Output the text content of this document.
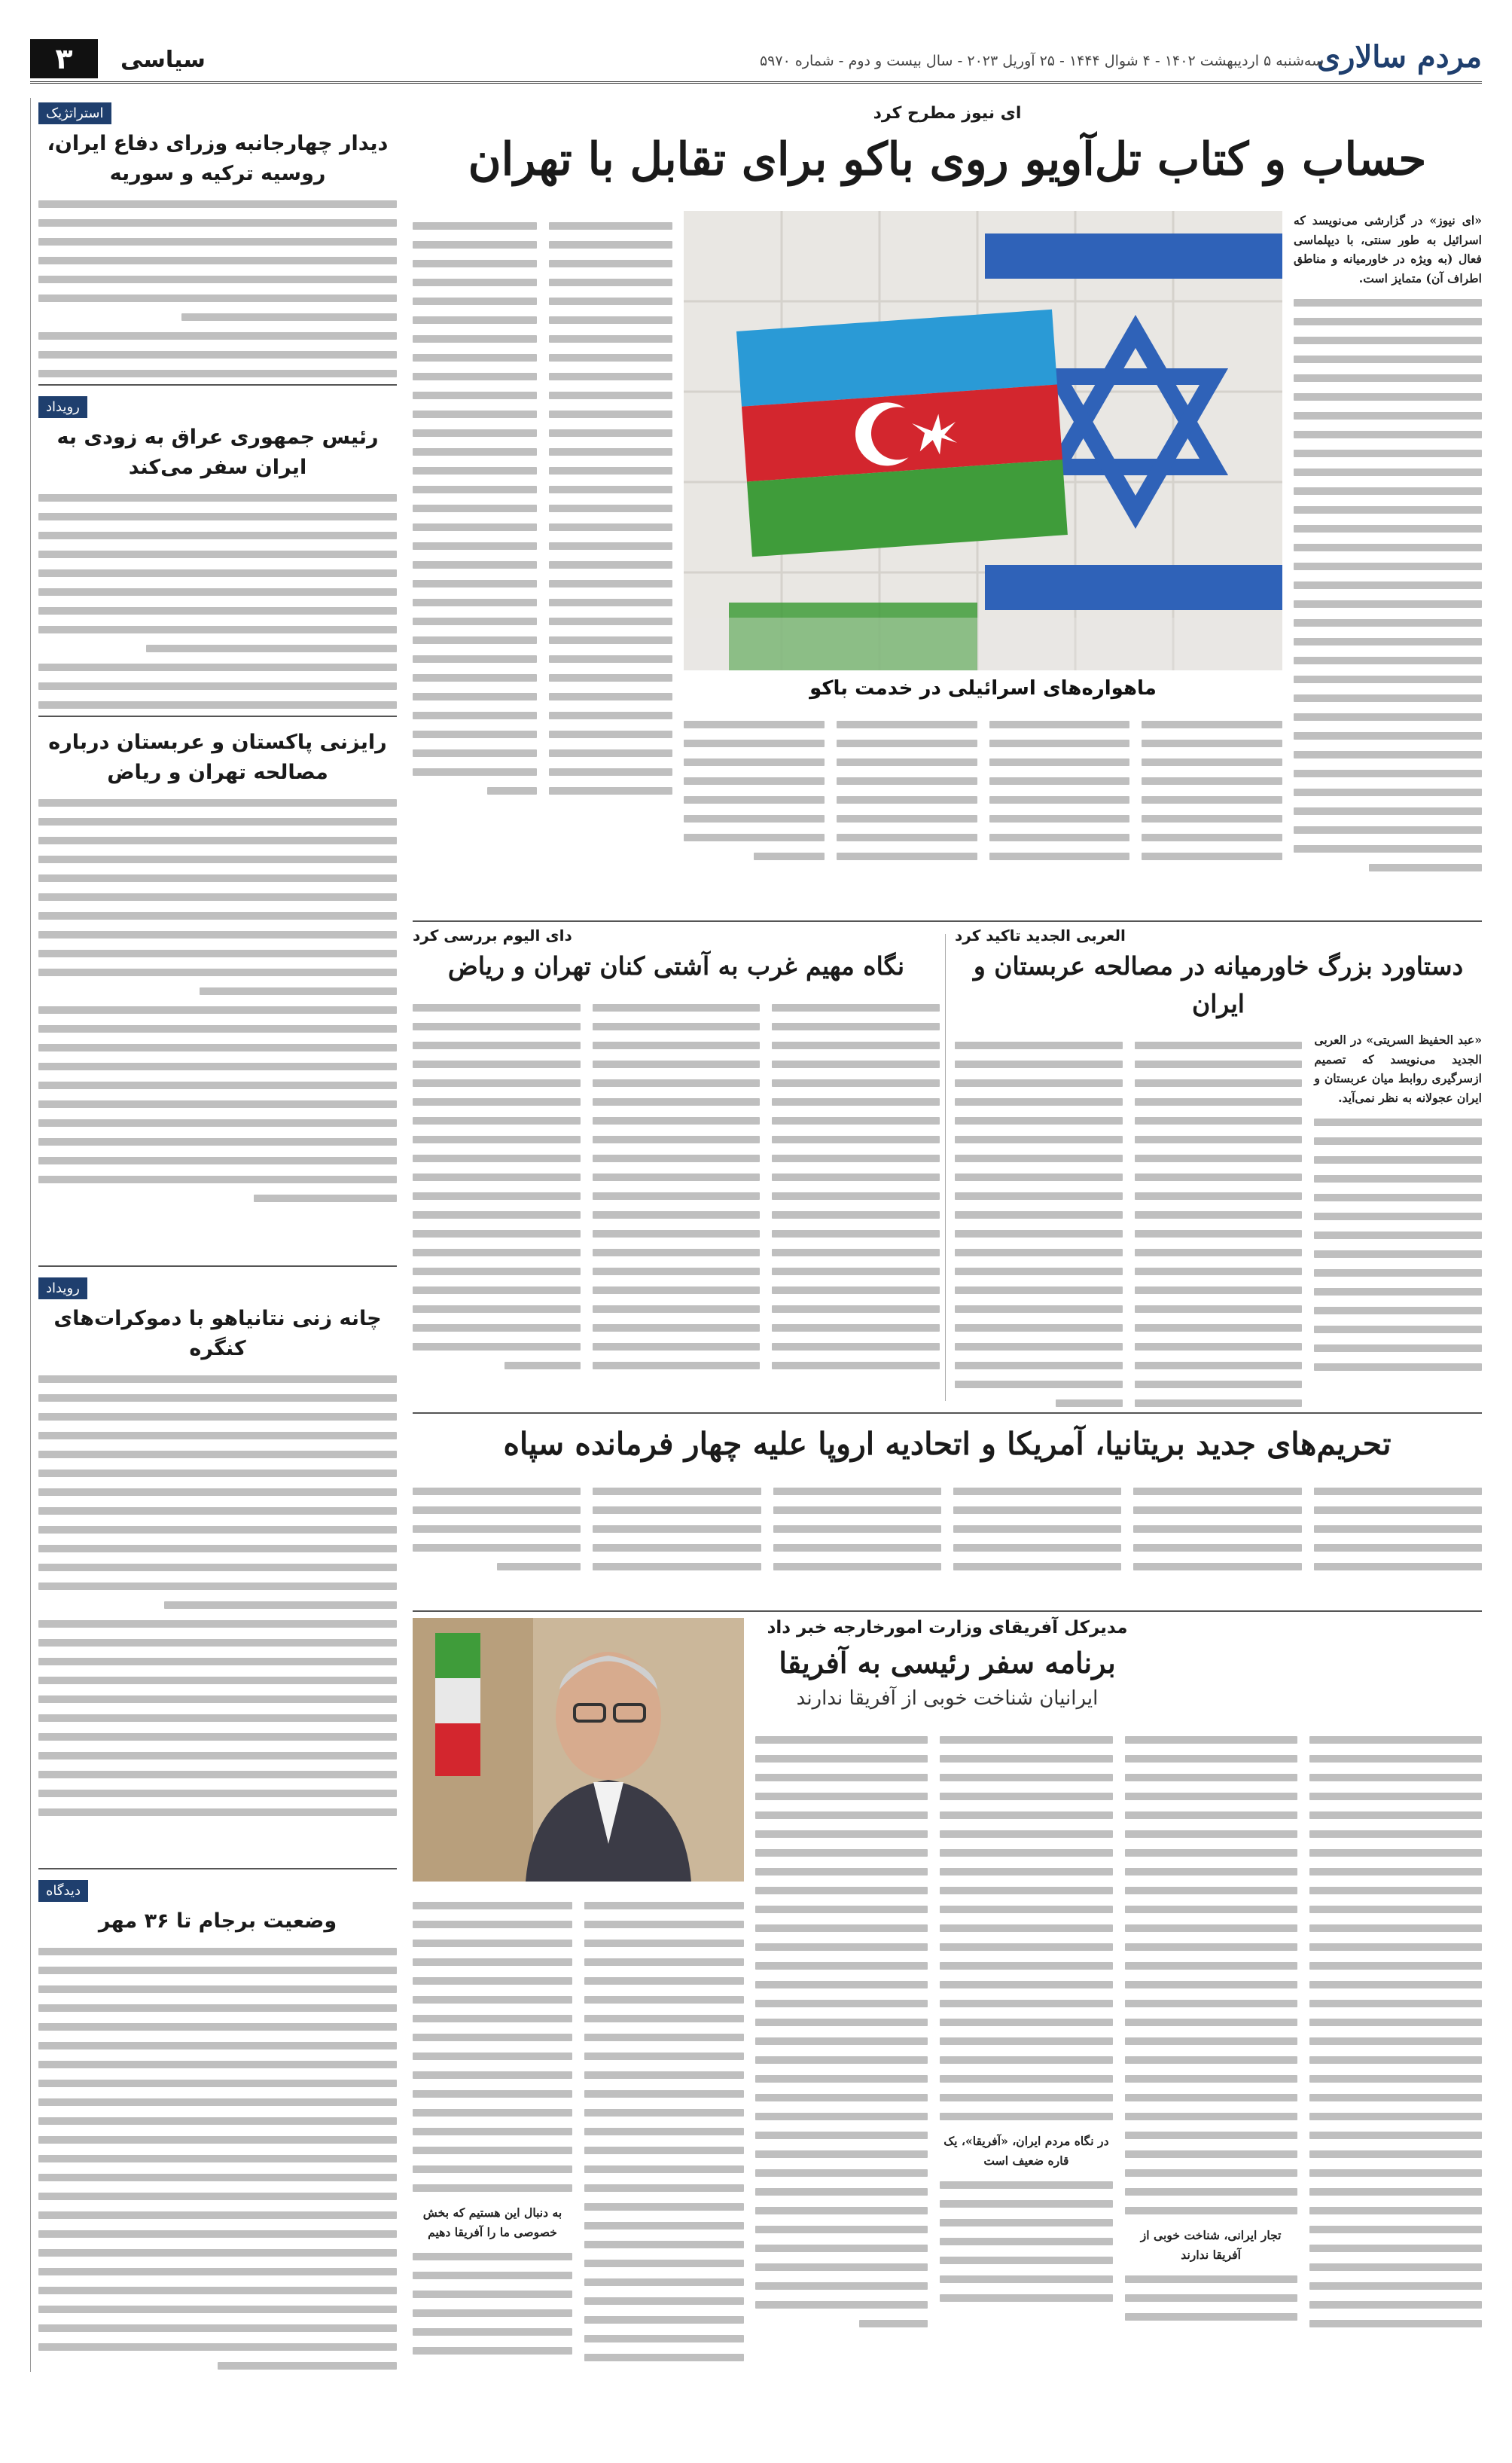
مردم سالاری
سه‌شنبه ۵ اردیبهشت ۱۴۰۲ - ۴ شوال ۱۴۴۴ - ۲۵ آوریل ۲۰۲۳ - سال بیست و دوم - شماره ۵۹۷۰
سیاسی
۳
استراتژیک
دیدار چهارجانبه وزرای دفاع ایران، روسیه ترکیه و سوریه
رویداد
رئیس جمهوری عراق به زودی به ایران سفر می‌کند
رایزنی پاکستان و عربستان درباره مصالحه تهران و ریاض
رویداد
چانه زنی نتانیاهو با دموکرات‌های کنگره
دیدگاه
وضعیت برجام تا ۳۶ مهر
ای نیوز مطرح کرد
حساب و کتاب تل‌آویو روی باکو برای تقابل با تهران
«ای نیوز» در گزارشی می‌نویسد که اسرائیل به طور سنتی، با دیپلماسی فعال (به ویژه در خاورمیانه و مناطق اطراف آن) متمایز است.
ماهواره‌های اسرائیلی در خدمت باکو
العربی الجدید تاکید کرد
دستاورد بزرگ خاورمیانه در مصالحه عربستان و ایران
«عبد الحفیظ السریتی» در العربی الجدید می‌نویسد که تصمیم ازسرگیری روابط میان عربستان و ایران عجولانه به نظر نمی‌آید.
دای الیوم بررسی کرد
نگاه مهیم غرب به آشتی کنان تهران و ریاض
تحریم‌های جدید بریتانیا، آمریکا و اتحادیه اروپا علیه چهار فرمانده سپاه
مدیرکل آفریقای وزارت امورخارجه خبر داد
برنامه سفر رئیسی به آفریقا
ایرانیان شناخت خوبی از آفریقا ندارند
به دنبال این هستیم که بخش خصوصی ما را آفریقا دهیم	تجار ایرانی، شناخت خوبی از آفریقا ندارند
در نگاه مردم ایران، «آفریقا»، یک قاره ضعیف است
